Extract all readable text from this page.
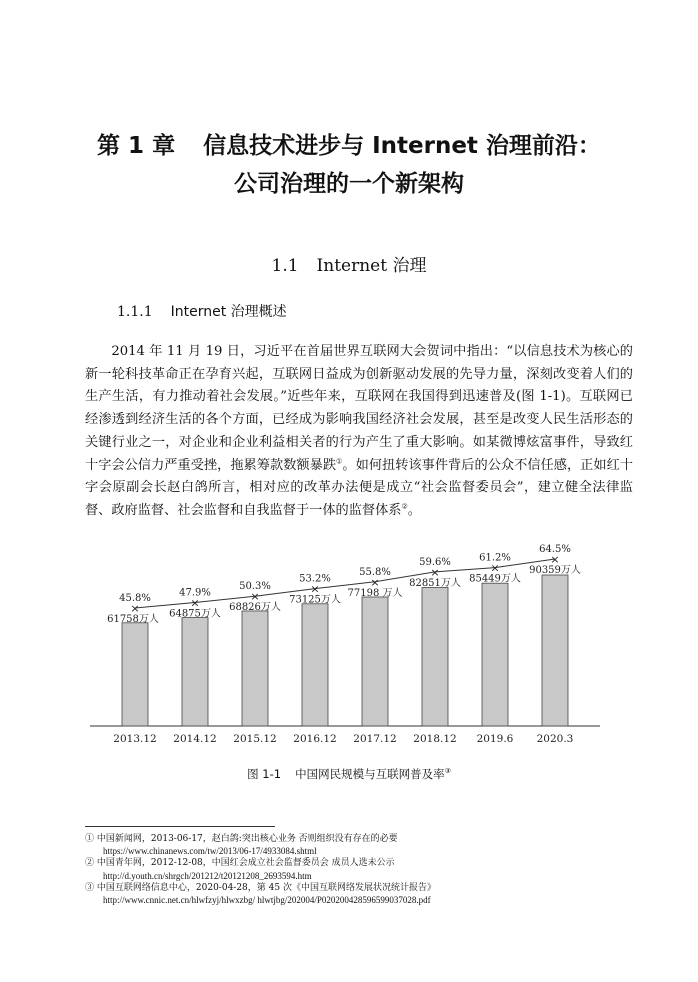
第 1 章 信息技术进步与 Internet 治理前沿：
公司治理的一个新架构
1.1 Internet 治理
1.1.1 Internet 治理概述

2014 年 11 月 19 日，习近平在首届世界互联网大会贺词中指出：“以信息技术为核心的新一轮科技革命正在孕育兴起，互联网日益成为创新驱动发展的先导力量，深刻改变着人们的生产生活，有力推动着社会发展。”近些年来，互联网在我国得到迅速普及(图 1-1)。互联网已经渗透到经济生活的各个方面，已经成为影响我国经济社会发展，甚至是改变人民生活形态的关键行业之一，对企业和企业利益相关者的行为产生了重大影响。如某微博炫富事件，导致红十字会公信力严重受挫，拖累筹款数额暴跌①。如何扭转该事件背后的公众不信任感，正如红十字会原副会长赵白鸽所言，相对应的改革办法便是成立“社会监督委员会”，建立健全法律监督、政府监督、社会监督和自我监督于一体的监督体系②。

2013.12
61758万人
45.8%
2014.12
64875万人
47.9%
2015.12
68826万人
50.3%
2016.12
73125万人
53.2%
2017.12
77198 万人
55.8%
2018.12
82851万人
59.6%
2019.6
85449万人
61.2%
2020.3
90359万人
64.5%
×	×	×
×
×
×	×
×
图 1-1 中国网民规模与互联网普及率③

① 中国新闻网，2013-06-17，赵白鸽:突出核心业务 否则组织没有存在的必要
https://www.chinanews.com/tw/2013/06-17/4933084.shtml

② 中国青年网，2012-12-08，中国红会成立社会监督委员会 成员人选未公示
http://d.youth.cn/shrgch/201212/t20121208_2693594.htm

③ 中国互联网络信息中心，2020-04-28，第 45 次《中国互联网络发展状况统计报告》
http://www.cnnic.net.cn/hlwfzyj/hlwxzbg/ hlwtjbg/202004/P020200428596599037028.pdf
